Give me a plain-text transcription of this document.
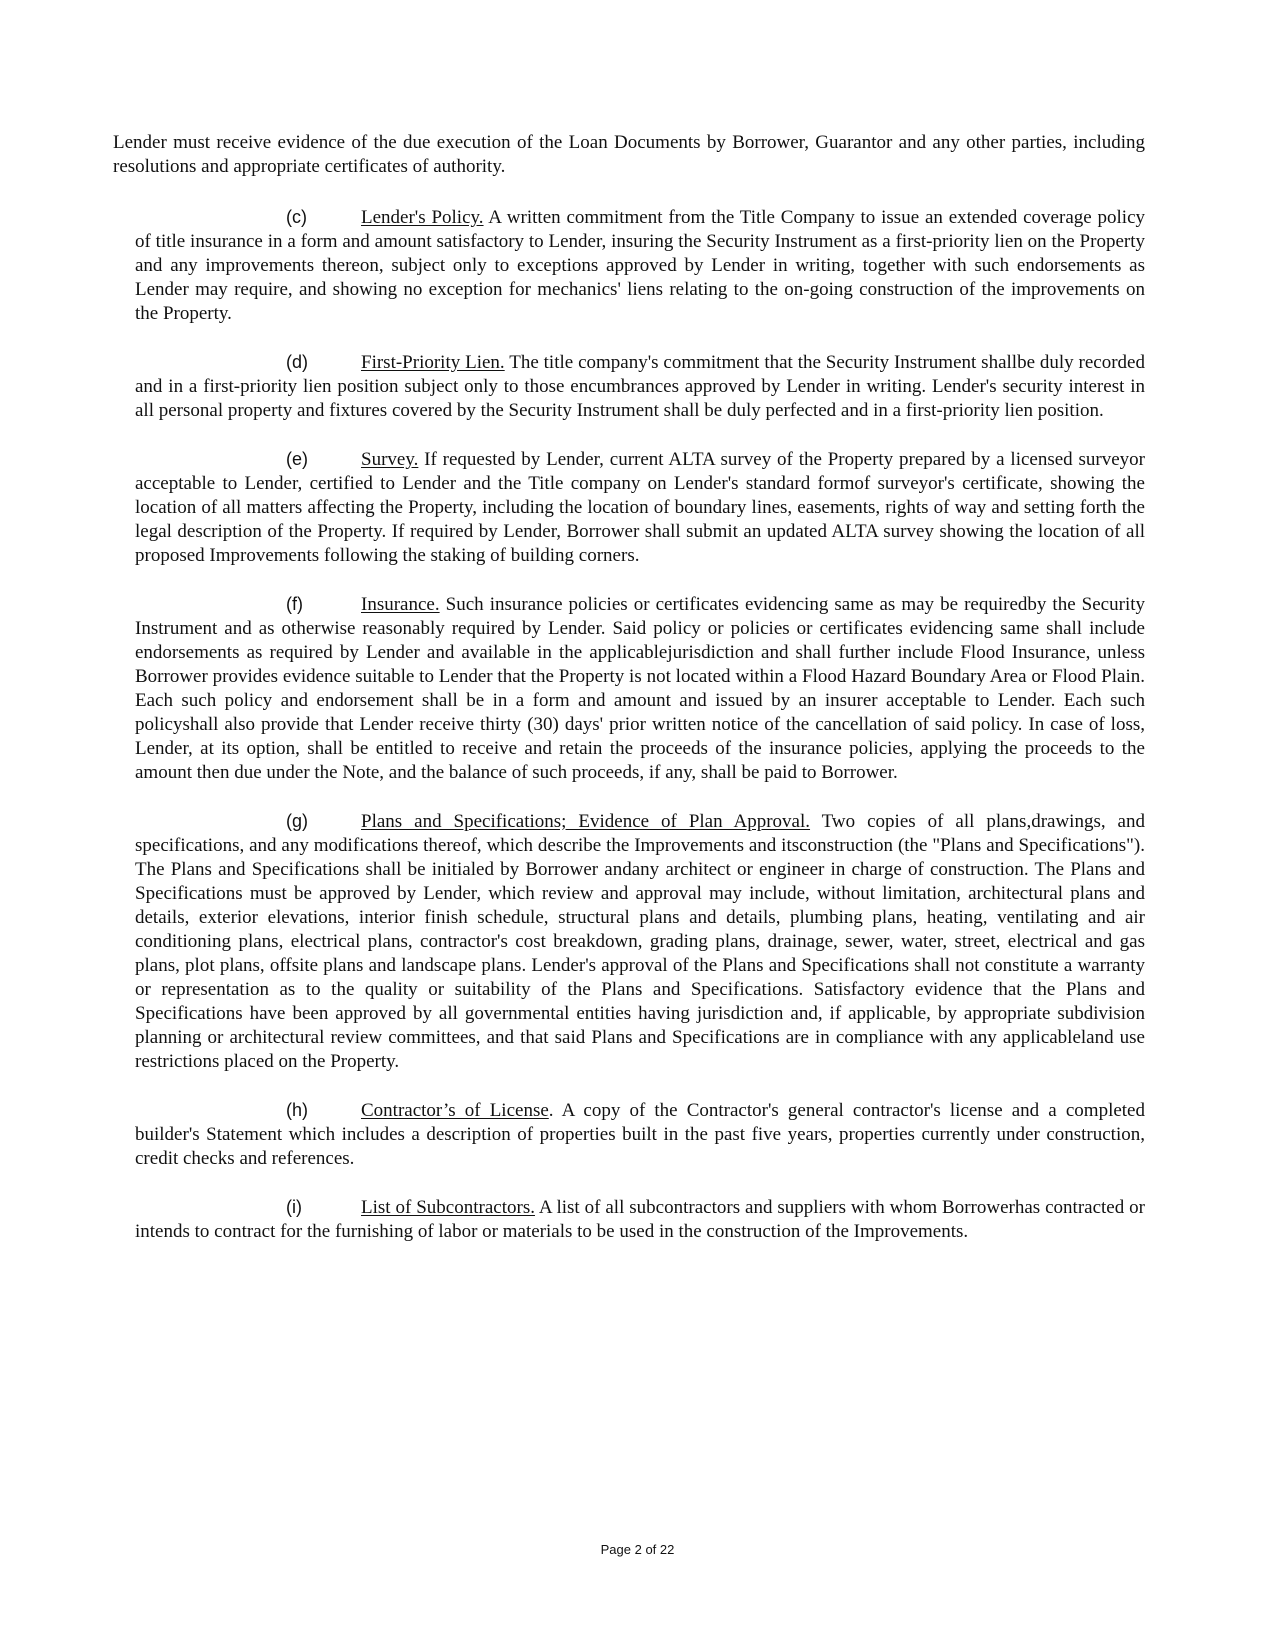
Lender must receive evidence of the due execution of the Loan Documents by Borrower, Guarantor and any other parties, including resolutions and appropriate certificates of authority.

(c)	Lender's Policy. A written commitment from the Title Company to issue an extended coverage policy of title insurance in a form and amount satisfactory to Lender, insuring the Security Instrument as a first-priority lien on the Property and any improvements thereon, subject only to exceptions approved by Lender in writing, together with such endorsements as Lender may require, and showing no exception for mechanics' liens relating to the on-going construction of the improvements on the Property.

(d)	First-Priority Lien. The title company's commitment that the Security Instrument shallbe duly recorded and in a first-priority lien position subject only to those encumbrances approved by Lender in writing. Lender's security interest in all personal property and fixtures covered by the Security Instrument shall be duly perfected and in a first-priority lien position.

(e)	Survey. If requested by Lender, current ALTA survey of the Property prepared by a licensed surveyor acceptable to Lender, certified to Lender and the Title company on Lender's standard formof surveyor's certificate, showing the location of all matters affecting the Property, including the location of boundary lines, easements, rights of way and setting forth the legal description of the Property. If required by Lender, Borrower shall submit an updated ALTA survey showing the location of all proposed Improvements following the staking of building corners.

(f)	Insurance. Such insurance policies or certificates evidencing same as may be requiredby the Security Instrument and as otherwise reasonably required by Lender. Said policy or policies or certificates evidencing same shall include endorsements as required by Lender and available in the applicablejurisdiction and shall further include Flood Insurance, unless Borrower provides evidence suitable to Lender that the Property is not located within a Flood Hazard Boundary Area or Flood Plain. Each such policy and endorsement shall be in a form and amount and issued by an insurer acceptable to Lender. Each such policyshall also provide that Lender receive thirty (30) days' prior written notice of the cancellation of said policy. In case of loss, Lender, at its option, shall be entitled to receive and retain the proceeds of the insurance policies, applying the proceeds to the amount then due under the Note, and the balance of such proceeds, if any, shall be paid to Borrower.

(g)	Plans and Specifications; Evidence of Plan Approval. Two copies of all plans,drawings, and specifications, and any modifications thereof, which describe the Improvements and itsconstruction (the "Plans and Specifications"). The Plans and Specifications shall be initialed by Borrower andany architect or engineer in charge of construction. The Plans and Specifications must be approved by Lender, which review and approval may include, without limitation, architectural plans and details, exterior elevations, interior finish schedule, structural plans and details, plumbing plans, heating, ventilating and air conditioning plans, electrical plans, contractor's cost breakdown, grading plans, drainage, sewer, water, street, electrical and gas plans, plot plans, offsite plans and landscape plans. Lender's approval of the Plans and Specifications shall not constitute a warranty or representation as to the quality or suitability of the Plans and Specifications. Satisfactory evidence that the Plans and Specifications have been approved by all governmental entities having jurisdiction and, if applicable, by appropriate subdivision planning or architectural review committees, and that said Plans and Specifications are in compliance with any applicableland use restrictions placed on the Property.

(h)	Contractor’s of License. A copy of the Contractor's general contractor's license and a completed builder's Statement which includes a description of properties built in the past five years, properties currently under construction, credit checks and references.

(i)	List of Subcontractors. A list of all subcontractors and suppliers with whom Borrowerhas contracted or intends to contract for the furnishing of labor or materials to be used in the construction of the Improvements.

Page 2 of 22
